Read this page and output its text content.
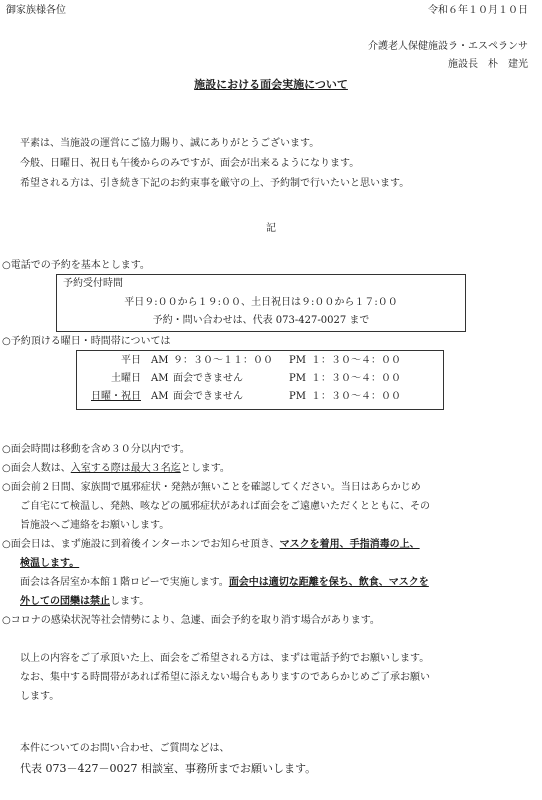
御家族様各位	令和６年１０月１０日
介護老人保健施設ラ・エスペランサ
施設長　朴　建光
施設における面会実施について
平素は、当施設の運営にご協力賜り、誠にありがとうございます。
今般、日曜日、祝日も午後からのみですが、面会が出来るようになります。
希望される方は、引き続き下記のお約束事を厳守の上、予約制で行いたいと思います。
記
○電話での予約を基本とします。
予約受付時間
平日９:００から１９:００、土日祝日は９:００から１７:００
予約・問い合わせは、代表 073-427-0027 まで
○予約頂ける曜日・時間帯については
平日 AM ９：３０～１１：００ PM １：３０～４：００
土曜日 AM 面会できません	PM １：３０～４：００
日曜・祝日 AM 面会できません	PM １：３０～４：００
○面会時間は移動を含め３０分以内です。
○面会人数は、入室する際は最大３名迄とします。
○面会前２日間、家族間で風邪症状・発熱が無いことを確認してください。当日はあらかじめ
ご自宅にて検温し、発熱、咳などの風邪症状があれば面会をご遠慮いただくとともに、その
旨施設へご連絡をお願いします。
○面会日は、まず施設に到着後インターホンでお知らせ頂き、マスクを着用、手指消毒の上、
検温します。
面会は各居室か本館１階ロビーで実施します。面会中は適切な距離を保ち、飲食、マスクを
外しての団欒は禁止します。
○コロナの感染状況等社会情勢により、急遽、面会予約を取り消す場合があります。
以上の内容をご了承頂いた上、面会をご希望される方は、まずは電話予約でお願いします。
なお、集中する時間帯があれば希望に添えない場合もありますのであらかじめご了承お願い
します。
本件についてのお問い合わせ、ご質問などは、
代表 073－427－0027 相談室、事務所までお願いします。
